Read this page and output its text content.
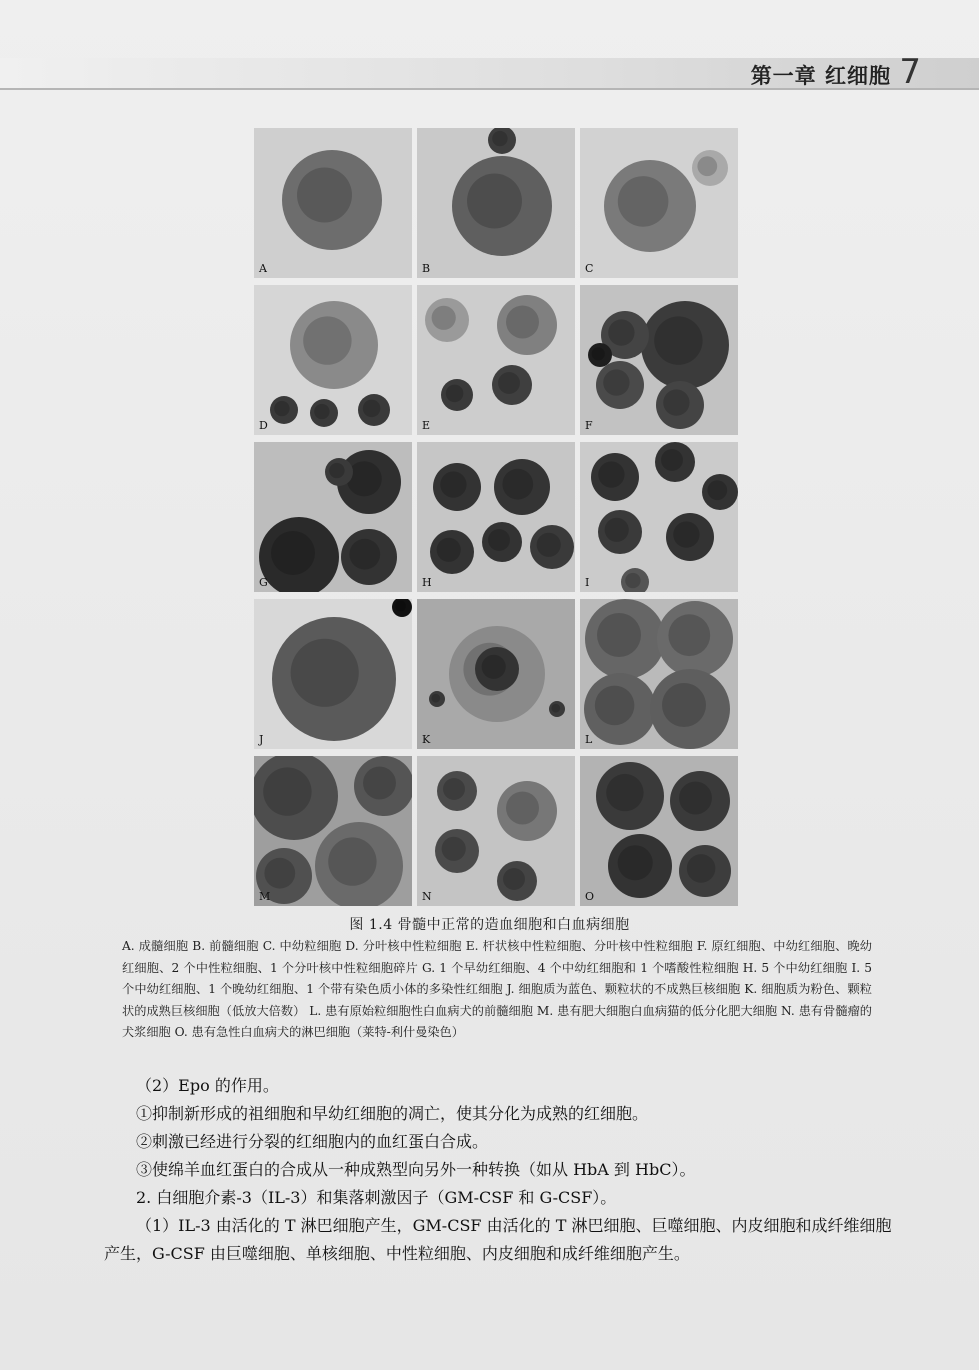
第一章 红细胞 7
A	B	C
D	E	F
G	H	I
J	K	L
M	N	O
图 1.4 骨髓中正常的造血细胞和白血病细胞
A. 成髓细胞 B. 前髓细胞 C. 中幼粒细胞 D. 分叶核中性粒细胞 E. 杆状核中性粒细胞、分叶核中性粒细胞 F. 原红细胞、中幼红细胞、晚幼红细胞、2 个中性粒细胞、1 个分叶核中性粒细胞碎片 G. 1 个早幼红细胞、4 个中幼红细胞和 1 个嗜酸性粒细胞 H. 5 个中幼红细胞 I. 5 个中幼红细胞、1 个晚幼红细胞、1 个带有染色质小体的多染性红细胞 J. 细胞质为蓝色、颗粒状的不成熟巨核细胞 K. 细胞质为粉色、颗粒状的成熟巨核细胞（低放大倍数） L. 患有原始粒细胞性白血病犬的前髓细胞 M. 患有肥大细胞白血病猫的低分化肥大细胞 N. 患有骨髓瘤的犬浆细胞 O. 患有急性白血病犬的淋巴细胞（莱特-利什曼染色）

（2）Epo 的作用。

①抑制新形成的祖细胞和早幼红细胞的凋亡，使其分化为成熟的红细胞。

②刺激已经进行分裂的红细胞内的血红蛋白合成。

③使绵羊血红蛋白的合成从一种成熟型向另外一种转换（如从 HbA 到 HbC）。

2. 白细胞介素-3（IL-3）和集落刺激因子（GM-CSF 和 G-CSF）。

（1）IL-3 由活化的 T 淋巴细胞产生，GM-CSF 由活化的 T 淋巴细胞、巨噬细胞、内皮细胞和成纤维细胞产生，G-CSF 由巨噬细胞、单核细胞、中性粒细胞、内皮细胞和成纤维细胞产生。
